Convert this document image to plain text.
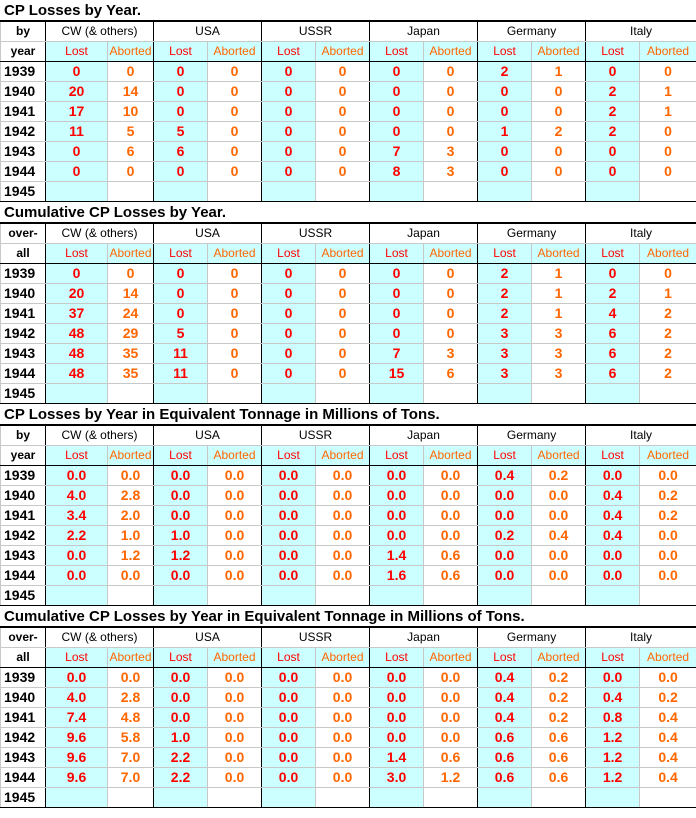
CP Losses by Year.
by	CW (& others)		USA		USSR		Japan		Germany		Italy	
year	Lost	Aborted	Lost	Aborted	Lost	Aborted	Lost	Aborted	Lost	Aborted	Lost	Aborted
1939	0	0	0	0	0	0	0	0	2	1	0	0
1940	20	14	0	0	0	0	0	0	0	0	2	1
1941	17	10	0	0	0	0	0	0	0	0	2	1
1942	11	5	5	0	0	0	0	0	1	2	2	0
1943	0	6	6	0	0	0	7	3	0	0	0	0
1944	0	0	0	0	0	0	8	3	0	0	0	0
1945												
Cumulative CP Losses by Year.
over-	CW (& others)		USA		USSR		Japan		Germany		Italy	
all	Lost	Aborted	Lost	Aborted	Lost	Aborted	Lost	Aborted	Lost	Aborted	Lost	Aborted
1939	0	0	0	0	0	0	0	0	2	1	0	0
1940	20	14	0	0	0	0	0	0	2	1	2	1
1941	37	24	0	0	0	0	0	0	2	1	4	2
1942	48	29	5	0	0	0	0	0	3	3	6	2
1943	48	35	11	0	0	0	7	3	3	3	6	2
1944	48	35	11	0	0	0	15	6	3	3	6	2
1945												
CP Losses by Year in Equivalent Tonnage in Millions of Tons.
by	CW (& others)		USA		USSR		Japan		Germany		Italy	
year	Lost	Aborted	Lost	Aborted	Lost	Aborted	Lost	Aborted	Lost	Aborted	Lost	Aborted
1939	0.0	0.0	0.0	0.0	0.0	0.0	0.0	0.0	0.4	0.2	0.0	0.0
1940	4.0	2.8	0.0	0.0	0.0	0.0	0.0	0.0	0.0	0.0	0.4	0.2
1941	3.4	2.0	0.0	0.0	0.0	0.0	0.0	0.0	0.0	0.0	0.4	0.2
1942	2.2	1.0	1.0	0.0	0.0	0.0	0.0	0.0	0.2	0.4	0.4	0.0
1943	0.0	1.2	1.2	0.0	0.0	0.0	1.4	0.6	0.0	0.0	0.0	0.0
1944	0.0	0.0	0.0	0.0	0.0	0.0	1.6	0.6	0.0	0.0	0.0	0.0
1945												
Cumulative CP Losses by Year in Equivalent Tonnage in Millions of Tons.
over-	CW (& others)		USA		USSR		Japan		Germany		Italy	
all	Lost	Aborted	Lost	Aborted	Lost	Aborted	Lost	Aborted	Lost	Aborted	Lost	Aborted
1939	0.0	0.0	0.0	0.0	0.0	0.0	0.0	0.0	0.4	0.2	0.0	0.0
1940	4.0	2.8	0.0	0.0	0.0	0.0	0.0	0.0	0.4	0.2	0.4	0.2
1941	7.4	4.8	0.0	0.0	0.0	0.0	0.0	0.0	0.4	0.2	0.8	0.4
1942	9.6	5.8	1.0	0.0	0.0	0.0	0.0	0.0	0.6	0.6	1.2	0.4
1943	9.6	7.0	2.2	0.0	0.0	0.0	1.4	0.6	0.6	0.6	1.2	0.4
1944	9.6	7.0	2.2	0.0	0.0	0.0	3.0	1.2	0.6	0.6	1.2	0.4
1945												
